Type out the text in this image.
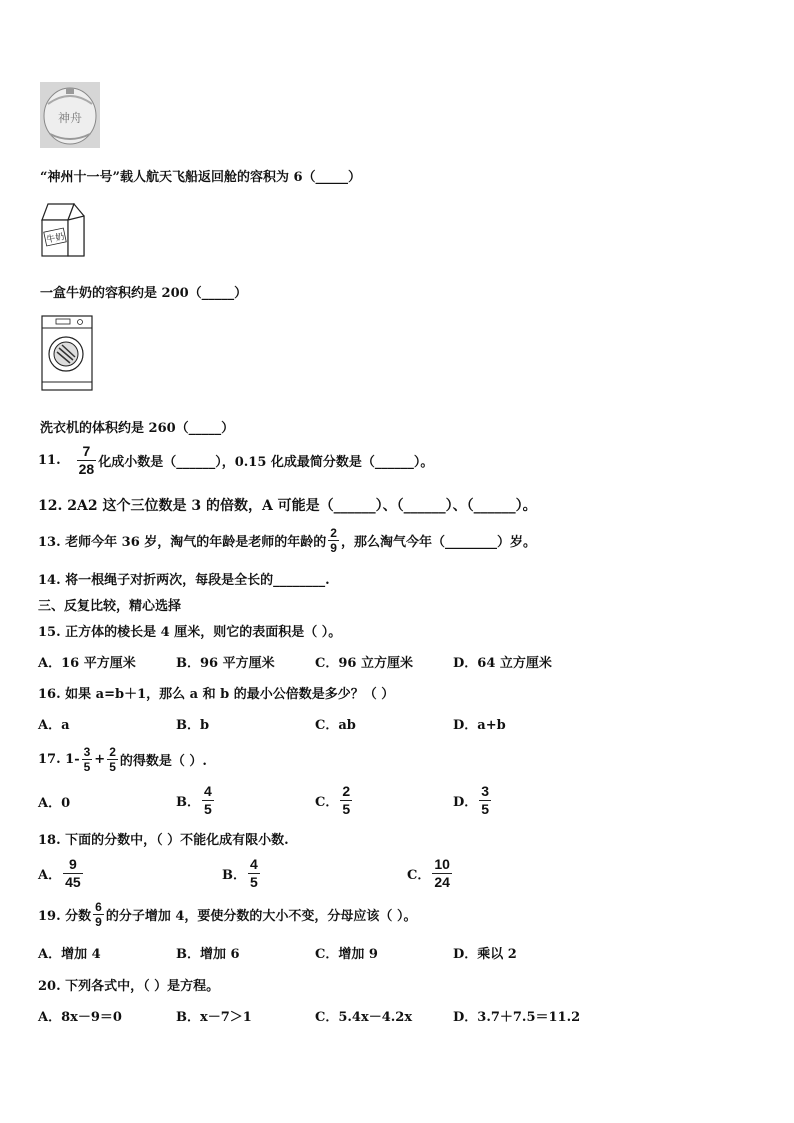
神舟
“神州十一号”载人航天飞船返回舱的容积为 6（_____）
牛奶
一盒牛奶的容积约是 200（_____）
洗衣机的体积约是 260（_____）
11. $\frac{7}{28}$ 化成小数是（______），0.15 化成最简分数是（______）。
12. 2A2 这个三位数是 3 的倍数，A 可能是（______）、（______）、（______）。
13. 老师今年 36 岁，淘气的年龄是老师的年龄的 $\frac{2}{9}$ ，那么淘气今年（________）岁。
14. 将一根绳子对折两次，每段是全长的________.
三、反复比较，精心选择
15. 正方体的棱长是 4 厘米，则它的表面积是（ ）。
A．16 平方厘米	B．96 平方厘米	C．96 立方厘米	D．64 立方厘米
16. 如果 a=b＋1，那么 a 和 b 的最小公倍数是多少？（ ）
A．a	B．b	C．ab	D．a+b
17. $1- \frac{3}{5} + \frac{2}{5}$ 的得数是（ ）.
A．0	B． $\frac{4}{5}$	C． $\frac{2}{5}$	D． $\frac{3}{5}$
18. 下面的分数中，（ ）不能化成有限小数.
A． $\frac{9}{45}$	B． $\frac{4}{5}$	C． $\frac{10}{24}$
19. 分数 $\frac{6}{9}$ 的分子增加 4，要使分数的大小不变，分母应该（ ）。
A．增加 4	B．增加 6	C．增加 9	D．乘以 2
20. 下列各式中，（ ）是方程。
A．8x－9＝0	B．x－7＞1	C．5.4x－4.2x	D．3.7＋7.5＝11.2
